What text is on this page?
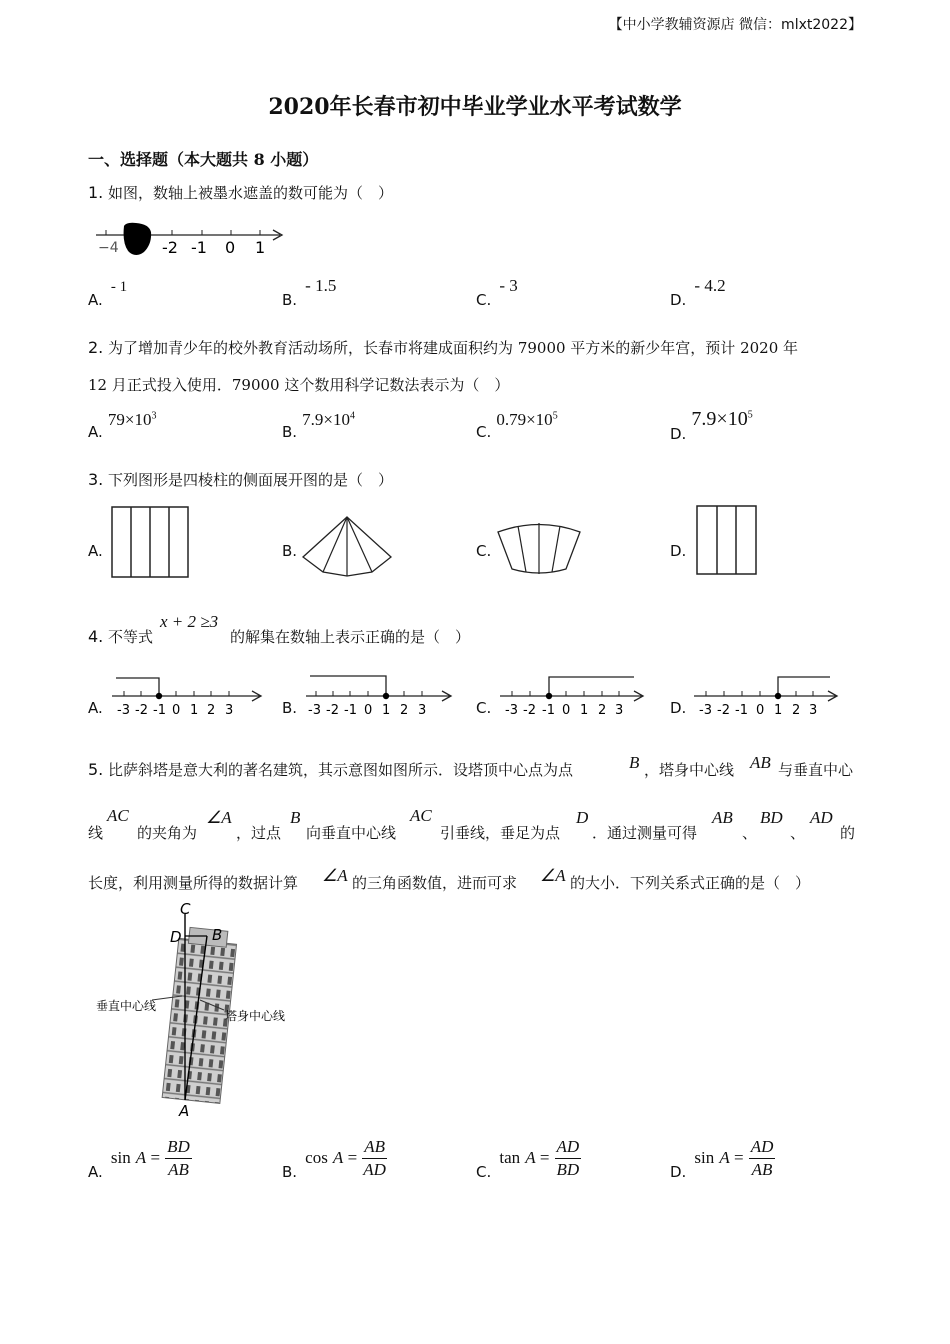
【中小学教辅资源店 微信：mlxt2022】
2020年长春市初中毕业学业水平考试数学
一、选择题（本大题共 8 小题）
1. 如图，数轴上被墨水遮盖的数可能为（　）
−4	-2 -1 0 1
A. - 1
B. - 1.5
C. - 3
D. - 4.2
2. 为了增加青少年的校外教育活动场所，长春市将建成面积约为 79000 平方米的新少年宫，预计 2020 年
12 月正式投入使用．79000 这个数用科学记数法表示为（　）
A. $79\times 10^3$
B. $7.9\times 10^4$
C. $0.79\times 10^5$
D. $7.9\times 10^5$
3. 下列图形是四棱柱的侧面展开图的是（　）
A.	B.	C.	D.
4. 不等式
x + 2 ≥3
的解集在数轴上表示正确的是（　）
A. -3 -2 -1 0 1 2 3	B. -3 -2 -1 0 1 2 3	C. -3 -2 -1 0 1 2 3	D. -3 -2 -1 0 1 2 3
5. 比萨斜塔是意大利的著名建筑，其示意图如图所示．设塔顶中心点为点	B ，塔身中心线 AB 与垂直中心
线
AC
的夹角为
∠A
，过点
B
向垂直中心线
AC
引垂线，垂足为点
D
．通过测量可得
AB
、
BD
、
AD
的
长度，利用测量所得的数据计算 ∠A 的三角函数值，进而可求 ∠A 的大小．下列关系式正确的是（　）
C
D B
A
垂直中心线
塔身中心线
A. $\sin A = \frac{BD}{AB}$	B. $\cos A = \frac{AB}{AD}$	C. $\tan A = \frac{AD}{BD}$	D. $\sin A = \frac{AD}{AB}$
